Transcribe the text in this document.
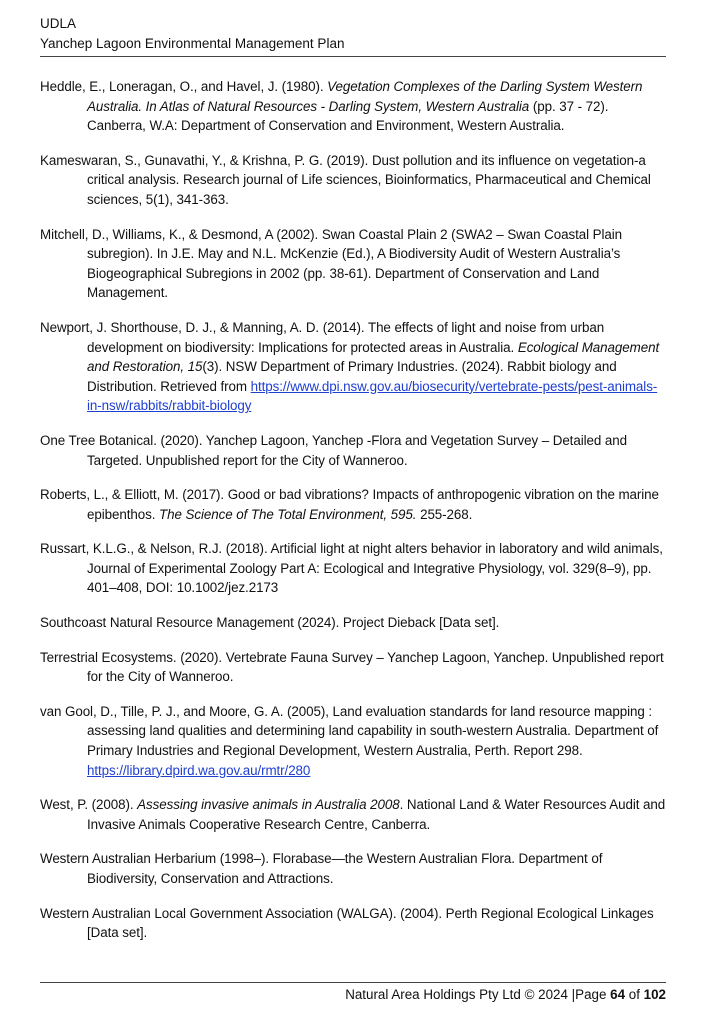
UDLA
Yanchep Lagoon Environmental Management Plan

Heddle, E., Loneragan, O., and Havel, J. (1980). Vegetation Complexes of the Darling System Western Australia. In Atlas of Natural Resources - Darling System, Western Australia (pp. 37 - 72). Canberra, W.A: Department of Conservation and Environment, Western Australia.

Kameswaran, S., Gunavathi, Y., & Krishna, P. G. (2019). Dust pollution and its influence on vegetation-a critical analysis. Research journal of Life sciences, Bioinformatics, Pharmaceutical and Chemical sciences, 5(1), 341-363.

Mitchell, D., Williams, K., & Desmond, A (2002). Swan Coastal Plain 2 (SWA2 – Swan Coastal Plain subregion). In J.E. May and N.L. McKenzie (Ed.), A Biodiversity Audit of Western Australia’s Biogeographical Subregions in 2002 (pp. 38-61). Department of Conservation and Land Management.

Newport, J. Shorthouse, D. J., & Manning, A. D. (2014). The effects of light and noise from urban development on biodiversity: Implications for protected areas in Australia. Ecological Management and Restoration, 15(3). NSW Department of Primary Industries. (2024). Rabbit biology and Distribution. Retrieved from https://www.dpi.nsw.gov.au/biosecurity/vertebrate-pests/pest-animals-in-nsw/rabbits/rabbit-biology

One Tree Botanical. (2020). Yanchep Lagoon, Yanchep -Flora and Vegetation Survey – Detailed and Targeted. Unpublished report for the City of Wanneroo.

Roberts, L., & Elliott, M. (2017). Good or bad vibrations? Impacts of anthropogenic vibration on the marine epibenthos. The Science of The Total Environment, 595. 255-268.

Russart, K.L.G., & Nelson, R.J. (2018). Artificial light at night alters behavior in laboratory and wild animals, Journal of Experimental Zoology Part A: Ecological and Integrative Physiology, vol. 329(8–9), pp. 401–408, DOI: 10.1002/jez.2173

Southcoast Natural Resource Management (2024). Project Dieback [Data set].

Terrestrial Ecosystems. (2020). Vertebrate Fauna Survey – Yanchep Lagoon, Yanchep. Unpublished report for the City of Wanneroo.

van Gool, D., Tille, P. J., and Moore, G. A. (2005), Land evaluation standards for land resource mapping : assessing land qualities and determining land capability in south-western Australia. Department of Primary Industries and Regional Development, Western Australia, Perth. Report 298. https://library.dpird.wa.gov.au/rmtr/280

West, P. (2008). Assessing invasive animals in Australia 2008. National Land & Water Resources Audit and Invasive Animals Cooperative Research Centre, Canberra.

Western Australian Herbarium (1998–). Florabase—the Western Australian Flora. Department of Biodiversity, Conservation and Attractions.

Western Australian Local Government Association (WALGA). (2004). Perth Regional Ecological Linkages [Data set].

Natural Area Holdings Pty Ltd © 2024 |Page 64 of 102
